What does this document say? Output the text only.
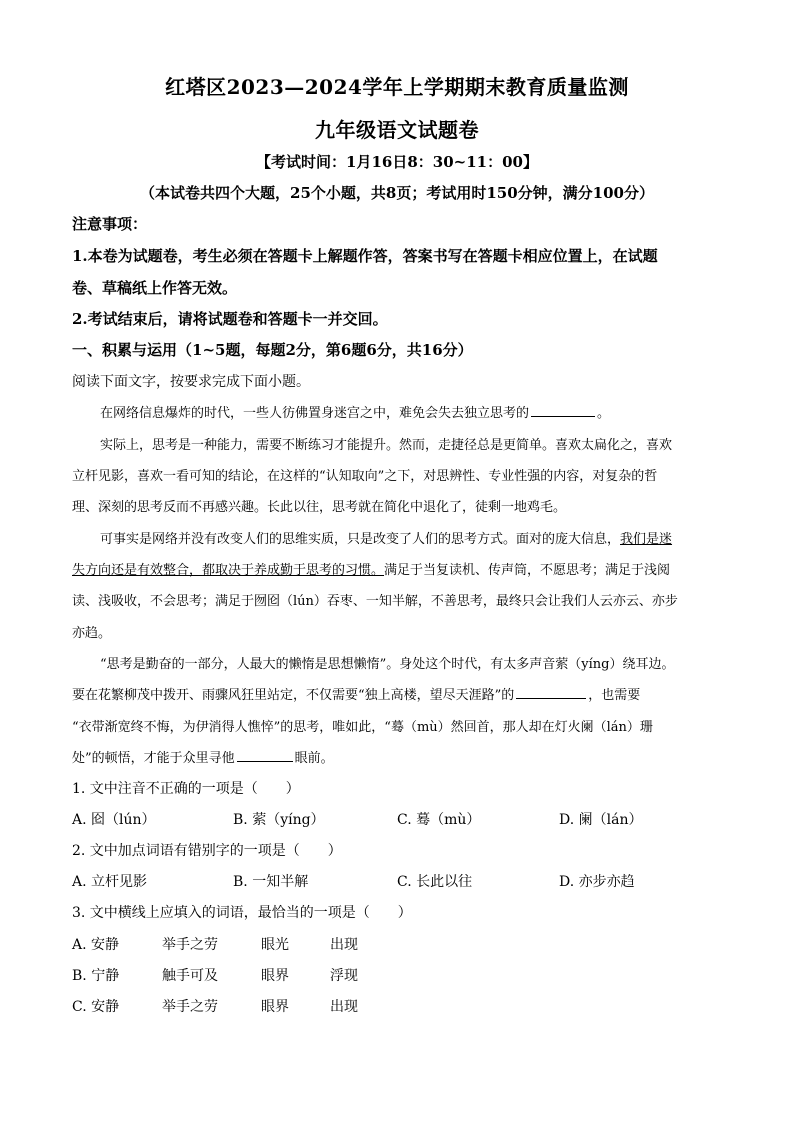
红塔区2023—2024学年上学期期末教育质量监测
九年级语文试题卷
【考试时间：1月16日8：30~11：00】
（本试卷共四个大题，25个小题，共8页；考试用时150分钟，满分100分）
注意事项：
1.本卷为试题卷，考生必须在答题卡上解题作答，答案书写在答题卡相应位置上，在试题
卷、草稿纸上作答无效。
2.考试结束后，请将试题卷和答题卡一并交回。
一、积累与运用（1~5题，每题2分，第6题6分，共16分）
阅读下面文字，按要求完成下面小题。
在网络信息爆炸的时代，一些人彷佛置身迷宫之中，难免会失去独立思考的	。
实际上，思考是一种能力，需要不断练习才能提升。然而，走捷径总是更简单。喜欢太扁化之，喜欢
立杆见影，喜欢一看可知的结论，在这样的“认知取向”之下，对思辨性、专业性强的内容，对复杂的哲
理、深刻的思考反而不再感兴趣。长此以往，思考就在简化中退化了，徒剩一地鸡毛。
可事实是网络并没有改变人们的思维实质，只是改变了人们的思考方式。面对的庞大信息，我们是迷
失方向还是有效整合，都取决于养成勤于思考的习惯。满足于当复读机、传声筒，不愿思考；满足于浅阅
读、浅吸收，不会思考；满足于囫囵（lún）吞枣、一知半解，不善思考，最终只会让我们人云亦云、亦步
亦趋。
“思考是勤奋的一部分，人最大的懒惰是思想懒惰”。身处这个时代，有太多声音萦（yíng）绕耳边。
要在花繁柳茂中拨开、雨骤风狂里站定，不仅需要“独上高楼，望尽天涯路”的	，也需要
“衣带渐宽终不悔，为伊消得人憔悴”的思考，唯如此，“蓦（mù）然回首，那人却在灯火阑（lán）珊
处”的顿悟，才能于众里寻他	眼前。
1. 文中注音不正确的一项是（　　）
A. 囵（lún）	B. 萦（yíng）	C. 蓦（mù）	D. 阑（lán）
2. 文中加点词语有错别字的一项是（　　）
A. 立杆见影	B. 一知半解	C. 长此以往	D. 亦步亦趋
3. 文中横线上应填入的词语，最恰当的一项是（　　）
A. 安静	举手之劳	眼光	出现
B. 宁静	触手可及	眼界	浮现
C. 安静	举手之劳	眼界	出现
